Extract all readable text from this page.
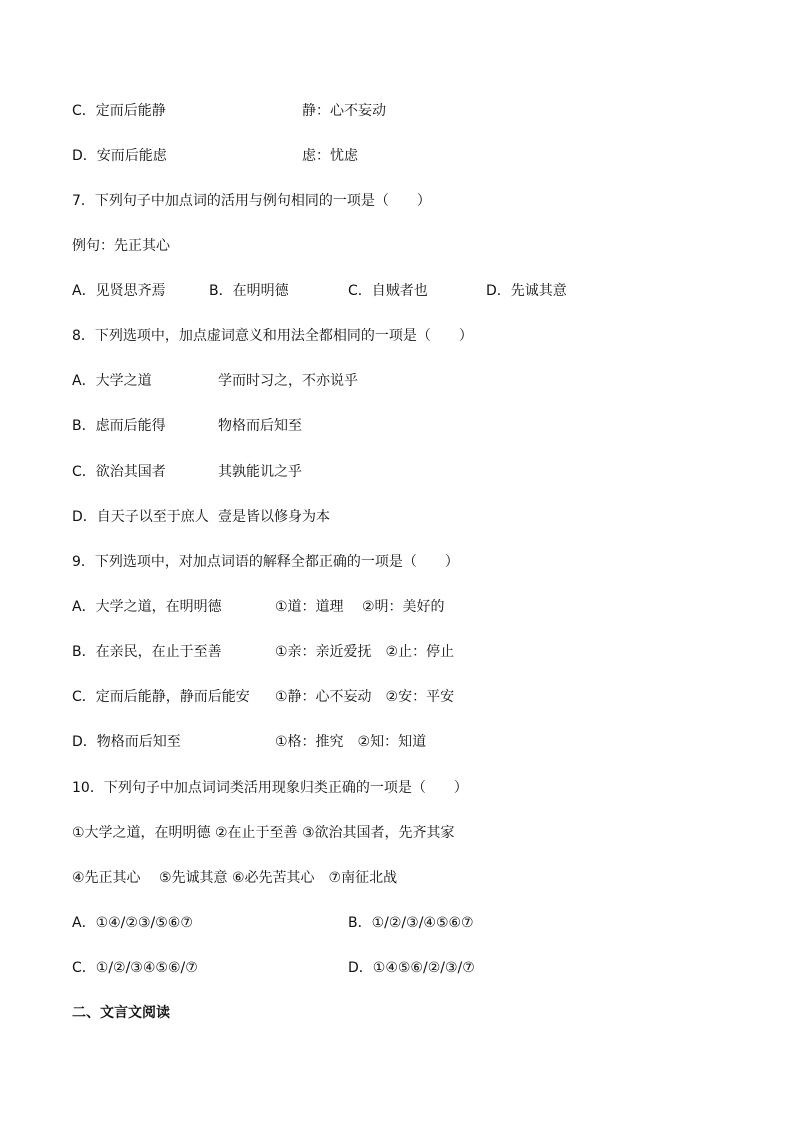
C．定而后能静	静：心不妄动
D．安而后能虑	虑：忧虑
7．下列句子中加点词的活用与例句相同的一项是（　　）
例句：先正其心
A．见贤思齐焉	B．在明明德	C．自贼者也	D．先诚其意
8．下列选项中，加点虚词意义和用法全都相同的一项是（　　）
A．大学之道	学而时习之，不亦说乎
B．虑而后能得	物格而后知至
C．欲治其国者	其孰能讥之乎
D．自天子以至于庶人 壹是皆以修身为本
9．下列选项中，对加点词语的解释全都正确的一项是（　　）
A．大学之道，在明明德	①道：道理　 ②明：美好的
B．在亲民，在止于至善	①亲：亲近爱抚　②止：停止
C．定而后能静，静而后能安 ①静：心不妄动　②安：平安
D．物格而后知至	①格：推究　②知：知道
10．下列句子中加点词词类活用现象归类正确的一项是（　　）
①大学之道，在明明德 ②在止于至善 ③欲治其国者，先齐其家
④先正其心　 ⑤先诚其意 ⑥必先苦其心　⑦南征北战
A．①④/②③/⑤⑥⑦	B．①/②/③/④⑤⑥⑦
C．①/②/③④⑤⑥/⑦	D．①④⑤⑥/②/③/⑦
二、文言文阅读
